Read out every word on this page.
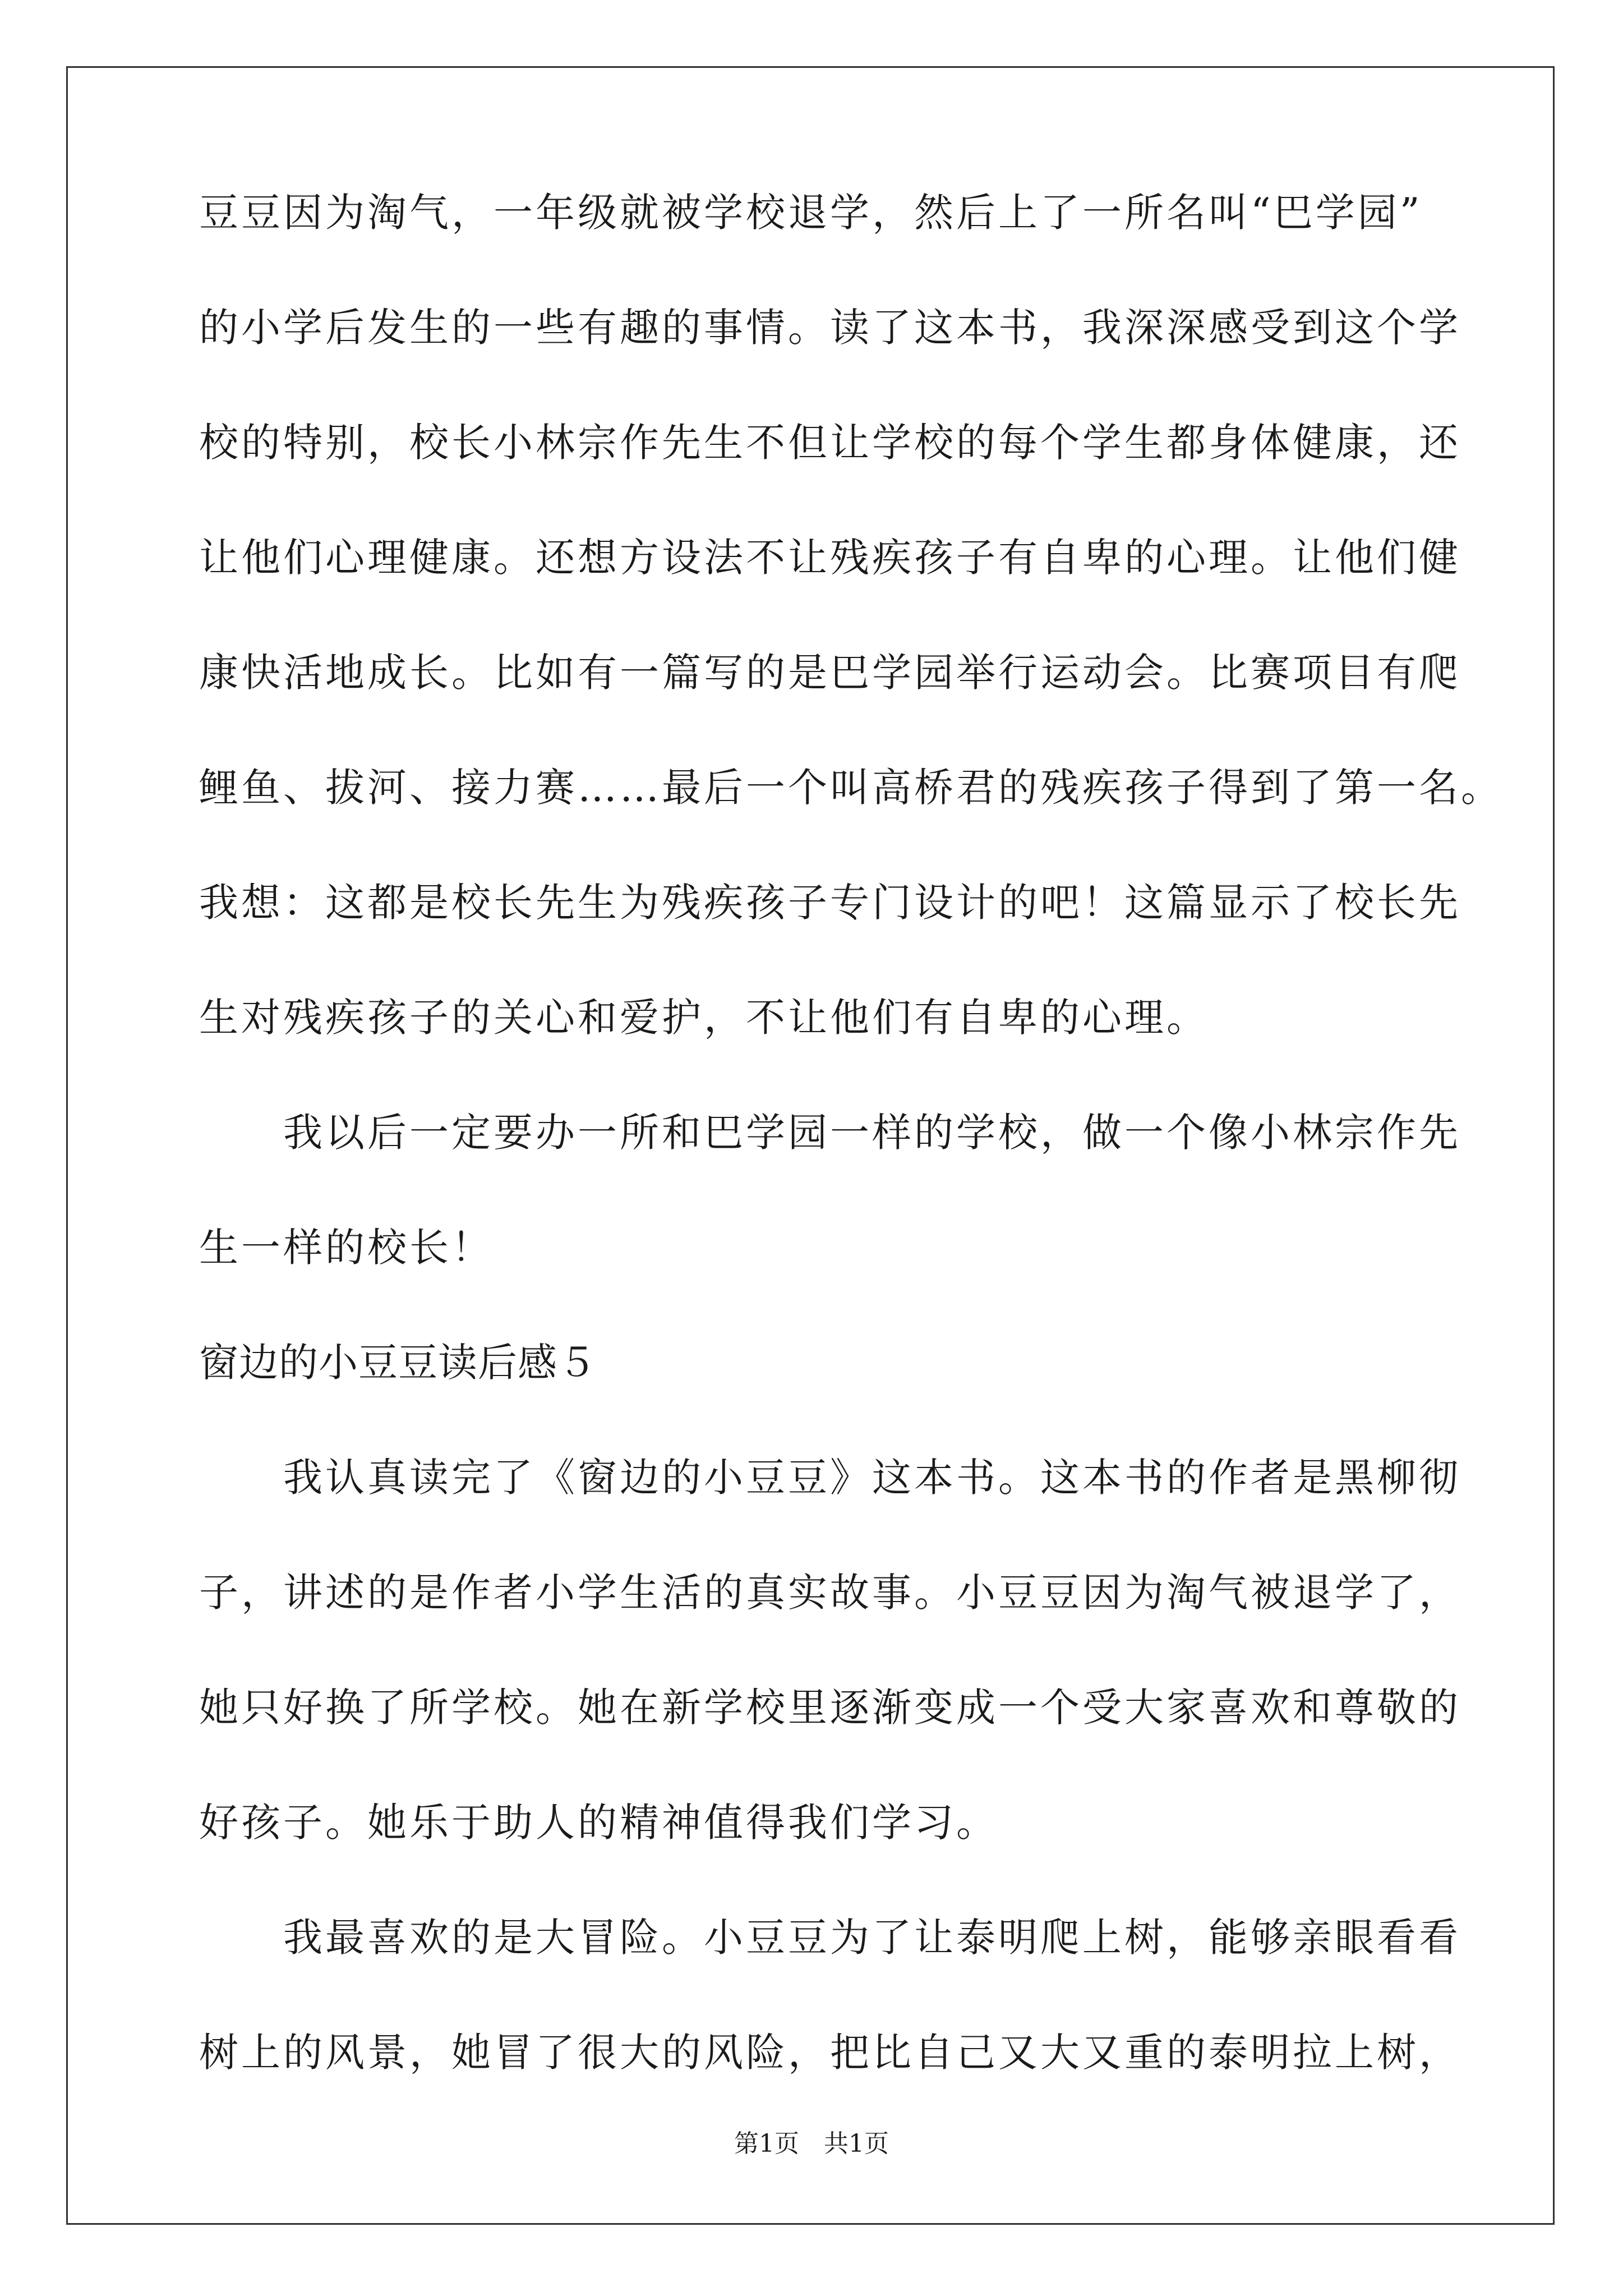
豆豆因为淘气，一年级就被学校退学，然后上了一所名叫“巴学园”
的小学后发生的一些有趣的事情。读了这本书，我深深感受到这个学
校的特别，校长小林宗作先生不但让学校的每个学生都身体健康，还
让他们心理健康。还想方设法不让残疾孩子有自卑的心理。让他们健
康快活地成长。比如有一篇写的是巴学园举行运动会。比赛项目有爬
鲤鱼、拔河、接力赛……最后一个叫高桥君的残疾孩子得到了第一名。
我想：这都是校长先生为残疾孩子专门设计的吧！这篇显示了校长先
生对残疾孩子的关心和爱护，不让他们有自卑的心理。
　　我以后一定要办一所和巴学园一样的学校，做一个像小林宗作先
生一样的校长！
窗边的小豆豆读后感５
　　我认真读完了《窗边的小豆豆》这本书。这本书的作者是黑柳彻
子，讲述的是作者小学生活的真实故事。小豆豆因为淘气被退学了，
她只好换了所学校。她在新学校里逐渐变成一个受大家喜欢和尊敬的
好孩子。她乐于助人的精神值得我们学习。
　　我最喜欢的是大冒险。小豆豆为了让泰明爬上树，能够亲眼看看
树上的风景，她冒了很大的风险，把比自己又大又重的泰明拉上树，
第1页　共1页
